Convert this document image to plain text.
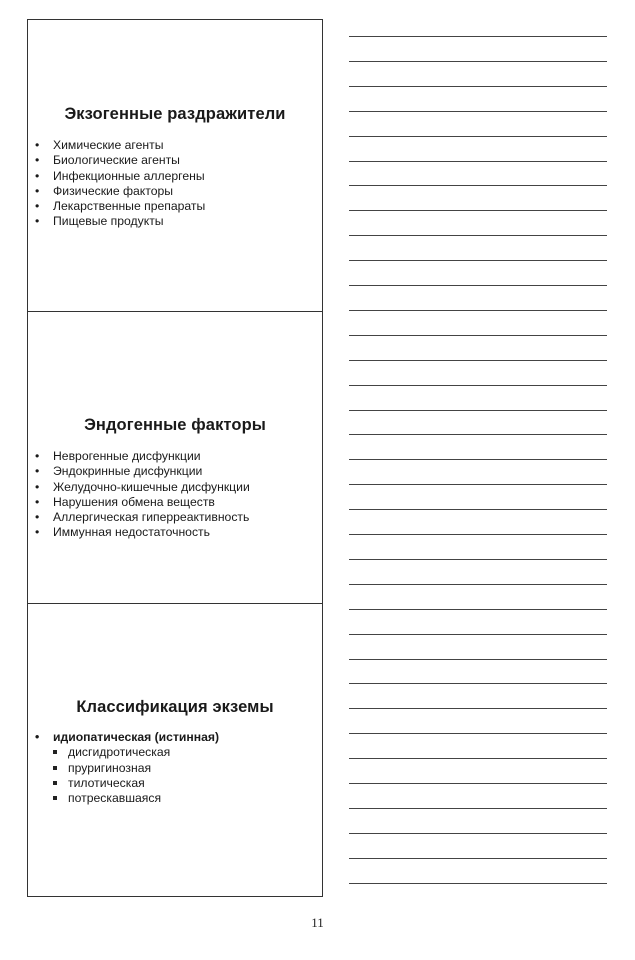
Экзогенные раздражители
• Химические агенты
• Биологические агенты
• Инфекционные аллергены
• Физические факторы
• Лекарственные препараты
• Пищевые продукты
Эндогенные факторы
• Неврогенные дисфункции
• Эндокринные дисфункции
• Желудочно-кишечные дисфункции
• Нарушения обмена веществ
• Аллергическая гиперреактивность
• Иммунная недостаточность
Классификация экземы
• идиопатическая (истинная)
дисгидротическая
пруригинозная
тилотическая
потрескавшаяся
11
